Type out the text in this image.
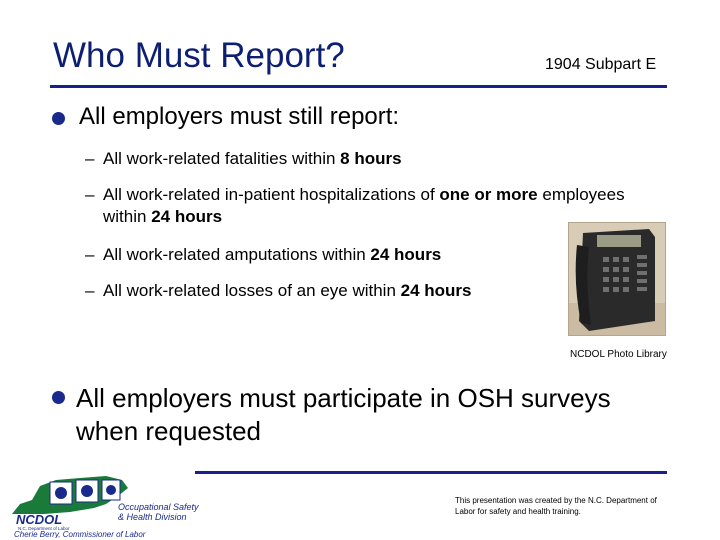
Who Must Report?	1904 Subpart E
All employers must still report:
– All work-related fatalities within 8 hours
– All work-related in-patient hospitalizations of one or more employees within 24 hours
– All work-related amputations within 24 hours
– All work-related losses of an eye within 24 hours
NCDOL Photo Library
All employers must participate in OSH surveys when requested
NCDOL
N.C. Department of Labor
Occupational Safety
& Health Division
Cherie Berry, Commissioner of Labor
This presentation was created by the N.C. Department of Labor for safety and health training.
